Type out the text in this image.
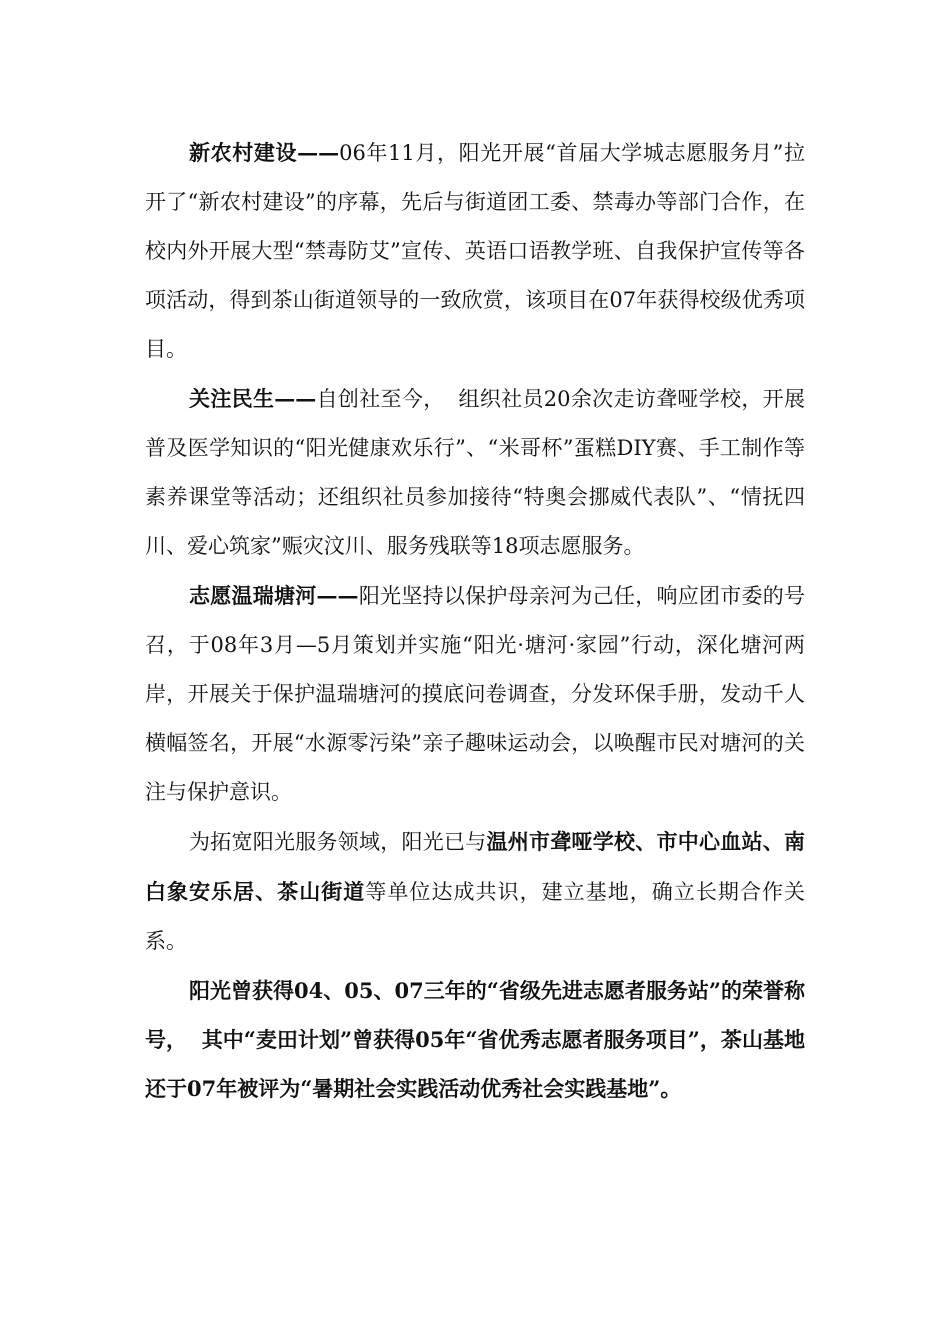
新农村建设——06年11月，阳光开展“首届大学城志愿服务月”拉开了“新农村建设”的序幕，先后与街道团工委、禁毒办等部门合作，在校内外开展大型“禁毒防艾”宣传、英语口语教学班、自我保护宣传等各项活动，得到茶山街道领导的一致欣赏，该项目在07年获得校级优秀项目。

关注民生——自创社至今，  组织社员20余次走访聋哑学校，开展普及医学知识的“阳光健康欢乐行”、“米哥杯”蛋糕DIY赛、手工制作等素养课堂等活动；还组织社员参加接待“特奥会挪威代表队”、“情抚四川、爱心筑家”赈灾汶川、服务残联等18项志愿服务。

志愿温瑞塘河——阳光坚持以保护母亲河为己任，响应团市委的号召，于08年3月—5月策划并实施“阳光·塘河·家园”行动，深化塘河两岸，开展关于保护温瑞塘河的摸底问卷调查，分发环保手册，发动千人横幅签名，开展“水源零污染”亲子趣味运动会，以唤醒市民对塘河的关注与保护意识。

为拓宽阳光服务领域，阳光已与温州市聋哑学校、市中心血站、南白象安乐居、茶山街道等单位达成共识，建立基地，确立长期合作关系。

阳光曾获得04、05、07三年的“省级先进志愿者服务站”的荣誉称号，  其中“麦田计划”曾获得05年“省优秀志愿者服务项目”，茶山基地还于07年被评为“暑期社会实践活动优秀社会实践基地”。
